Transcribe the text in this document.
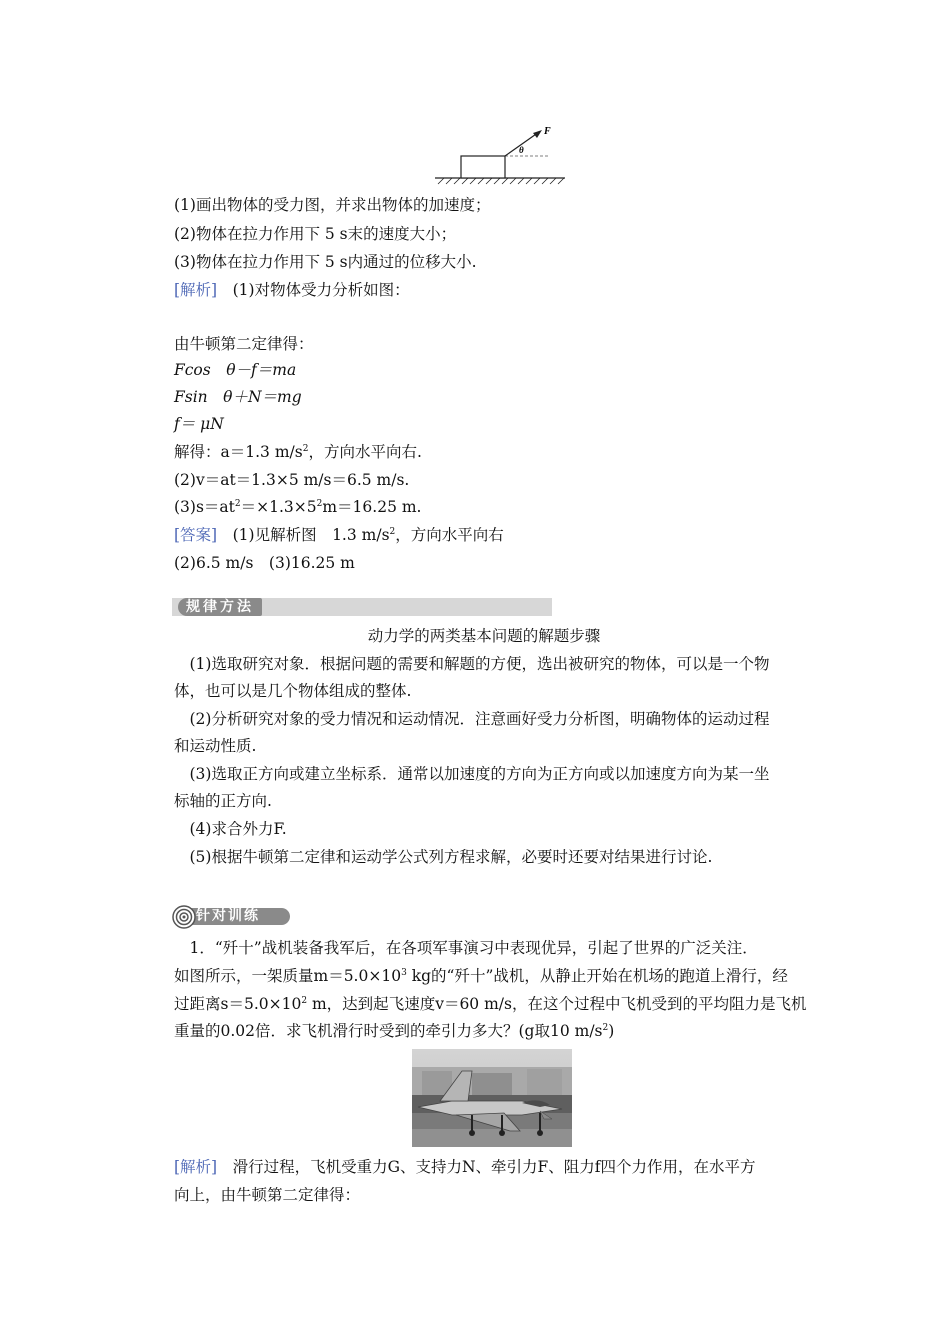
F
θ
(1)画出物体的受力图，并求出物体的加速度；
(2)物体在拉力作用下 5 s末的速度大小；
(3)物体在拉力作用下 5 s内通过的位移大小.
[解析]　(1)对物体受力分析如图：
由牛顿第二定律得：
Fcos　θ－f＝ma
Fsin　θ＋N＝mg
f＝ μN
解得：a＝1.3 $m/s^2$，方向水平向右.
(2)v＝at＝1.3×5 m/s＝6.5 m/s.
$(3)s=at^2=\times 1.3\times 5^2m=16.25$ m.
[答案]　(1)见解析图　1.3 $m/s^2$，方向水平向右
(2)6.5 m/s　(3)16.25 m
规律方法
动力学的两类基本问题的解题步骤
　(1)选取研究对象．根据问题的需要和解题的方便，选出被研究的物体，可以是一个物
体，也可以是几个物体组成的整体.
　(2)分析研究对象的受力情况和运动情况．注意画好受力分析图，明确物体的运动过程
和运动性质.
　(3)选取正方向或建立坐标系．通常以加速度的方向为正方向或以加速度方向为某一坐
标轴的正方向.
　(4)求合外力F.
　(5)根据牛顿第二定律和运动学公式列方程求解，必要时还要对结果进行讨论.
针对训练
　1．“歼十”战机装备我军后，在各项军事演习中表现优异，引起了世界的广泛关注．
如图所示，一架质量$m=5.0\times 10^3$ kg的“歼十”战机，从静止开始在机场的跑道上滑行，经
过距离$s=5.0\times 10^2$ m，达到起飞速度v＝60 m/s，在这个过程中飞机受到的平均阻力是飞机
重量的0.02倍．求飞机滑行时受到的牵引力多大？(g取10 $m/s^2$)
[解析]　滑行过程，飞机受重力G、支持力N、牵引力F、阻力f四个力作用，在水平方
向上，由牛顿第二定律得：
